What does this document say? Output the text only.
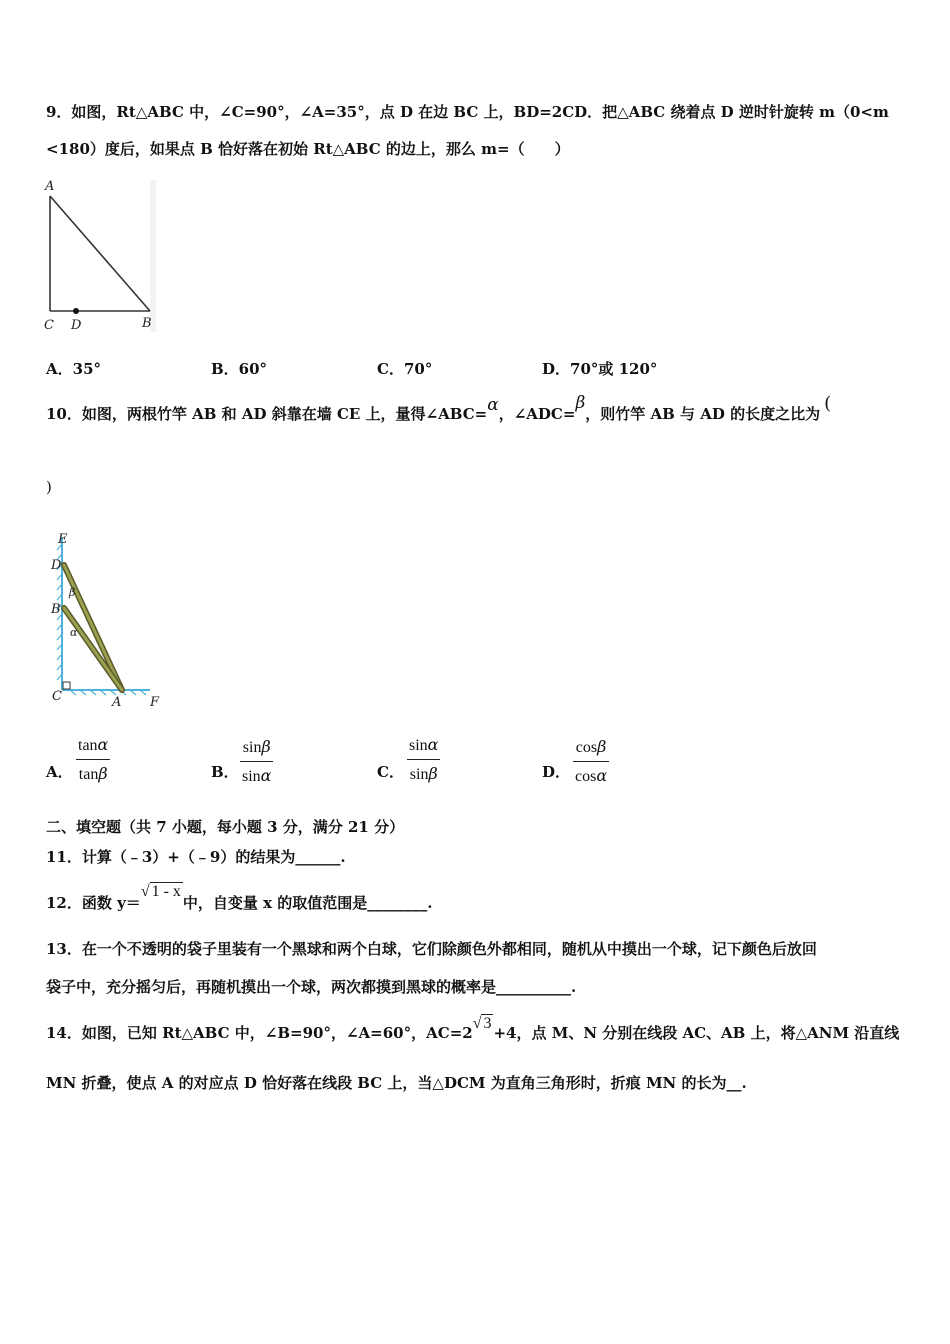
9．如图，Rt△ABC 中，∠C=90°，∠A=35°，点 D 在边 BC 上，BD=2CD．把△ABC 绕着点 D 逆时针旋转 m（0<m
<180）度后，如果点 B 恰好落在初始 Rt△ABC 的边上，那么 m=（　　）
A
C D	B
A．35°	B．60°	C．70°	D．70°或 120°
10．如图，两根竹竿 AB 和 AD 斜靠在墙 CE 上，量得∠ABC=α，∠ADC=β，则竹竿 AB 与 AD 的长度之比为 (
)
E
D
B
C	A F
β
α
A．
tanα
tanβ	B．
sinβ
sinα	C．
sinα
sinβ	D．
cosβ
cosα
二、填空题（共 7 小题，每小题 3 分，满分 21 分）
11．计算（﹣3）+（﹣9）的结果为______.
12．函数 y＝√ 1 - x中，自变量 x 的取值范围是________.
13．在一个不透明的袋子里装有一个黑球和两个白球，它们除颜色外都相同，随机从中摸出一个球，记下颜色后放回
袋子中，充分摇匀后，再随机摸出一个球，两次都摸到黑球的概率是__________.
14．如图，已知 Rt△ABC 中，∠B=90°，∠A=60°，AC=2√ 3+4，点 M、N 分别在线段 AC、AB 上，将△ANM 沿直线
MN 折叠，使点 A 的对应点 D 恰好落在线段 BC 上，当△DCM 为直角三角形时，折痕 MN 的长为__.
